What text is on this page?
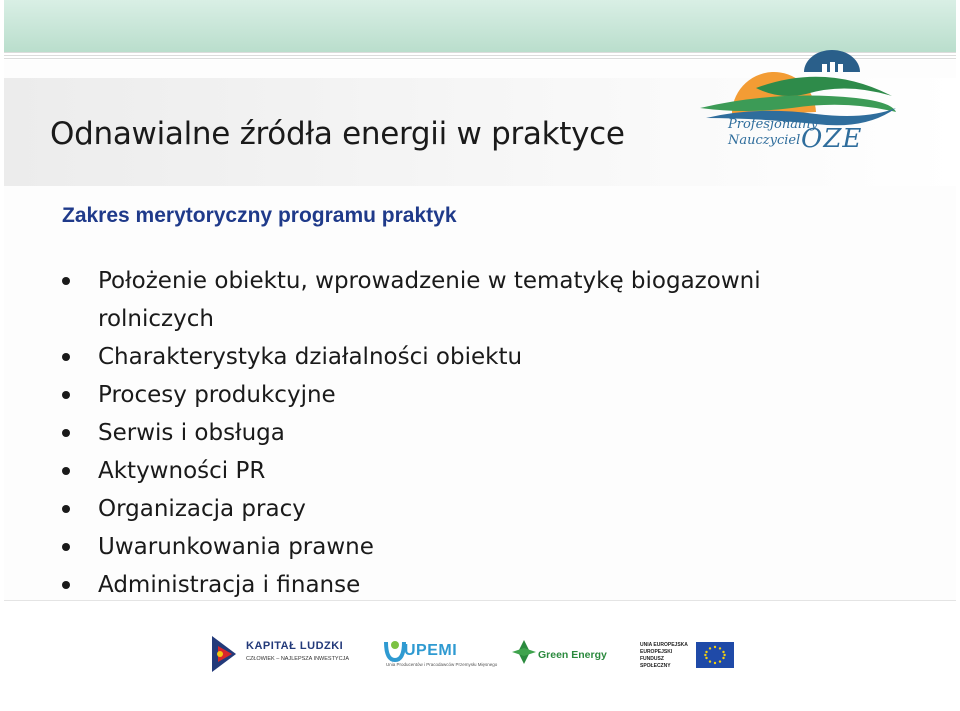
Odnawialne źródła energii w praktyce	Profesjonalny
Nauczyciel OZE
Zakres merytoryczny programu praktyk
Położenie obiektu, wprowadzenie w tematykę biogazowni rolniczych
Charakterystyka działalności obiektu
Procesy produkcyjne
Serwis i obsługa
Aktywności PR
Organizacja pracy
Uwarunkowania prawne
Administracja i finanse
KAPITAŁ LUDZKI
CZŁOWIEK – NAJLEPSZA INWESTYCJA	UPEMI
Unia Producentów i Pracodawców Przemysłu Mięsnego
Green Energy
UNIA EUROPEJSKA EUROPEJSKI FUNDUSZ SPOŁECZNY
